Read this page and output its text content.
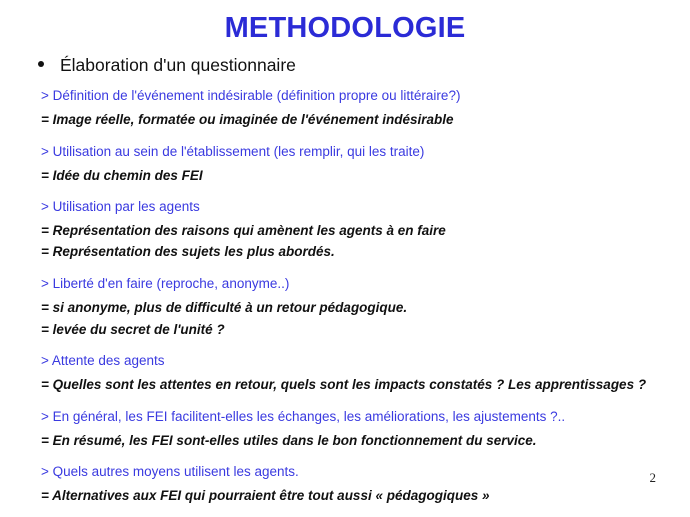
METHODOLOGIE
Élaboration d'un questionnaire
> Définition de l'événement indésirable (définition propre ou littéraire?)
= Image réelle, formatée ou imaginée de l'événement indésirable
> Utilisation au sein de l'établissement (les remplir, qui les traite)
= Idée du chemin des FEI
> Utilisation par les agents
= Représentation des raisons qui amènent les agents à en faire
= Représentation des sujets les plus abordés.
> Liberté d'en faire (reproche, anonyme..)
= si anonyme, plus de difficulté à un retour pédagogique.
= levée du secret de l'unité ?
> Attente des agents
= Quelles sont les attentes en retour, quels sont les impacts constatés ? Les apprentissages ?
> En général, les FEI facilitent-elles les échanges, les améliorations, les ajustements ?..
= En résumé, les FEI sont-elles utiles dans le bon fonctionnement du service.
> Quels autres moyens utilisent les agents.
= Alternatives aux FEI qui pourraient être tout aussi « pédagogiques »
2
